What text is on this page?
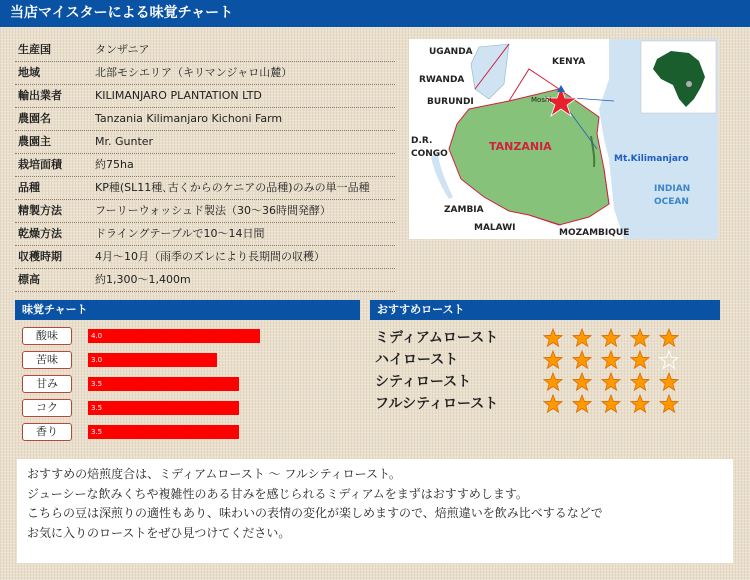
当店マイスターによる味覚チャート
生産国	タンザニア
地域	北部モシエリア（キリマンジャロ山麓）
輸出業者	KILIMANJARO PLANTATION LTD
農園名	Tanzania Kilimanjaro Kichoni Farm
農園主	Mr. Gunter
栽培面積	約75ha
品種	KP種(SL11種､古くからのケニアの品種)のみの単一品種
精製方法	フーリーウォッシュド製法（30～36時間発酵）
乾燥方法	ドライングテーブルで10～14日間
収穫時期	4月～10月（雨季のズレにより長期間の収穫）
標高	約1,300～1,400m
UGANDA
KENYA
RWANDA
BURUNDI	Moshi
D.R.
CONGO
TANZANIA
Mt.Kilimanjaro
INDIAN
OCEAN
ZAMBIA
MALAWI	MOZAMBIQUE
味覚チャート	おすすめロースト
酸味	4.0
苦味	3.0
甘み	3.5
コク	3.5
香り	3.5
ミディアムロースト
ハイロースト
シティロースト
フルシティロースト

おすすめの焙煎度合は、ミディアムロースト ～ フルシティロースト。

ジューシーな飲みくちや複雑性のある甘みを感じられるミディアムをまずはおすすめします。

こちらの豆は深煎りの適性もあり、味わいの表情の変化が楽しめますので、焙煎違いを飲み比べするなどで

お気に入りのローストをぜひ見つけてください。
